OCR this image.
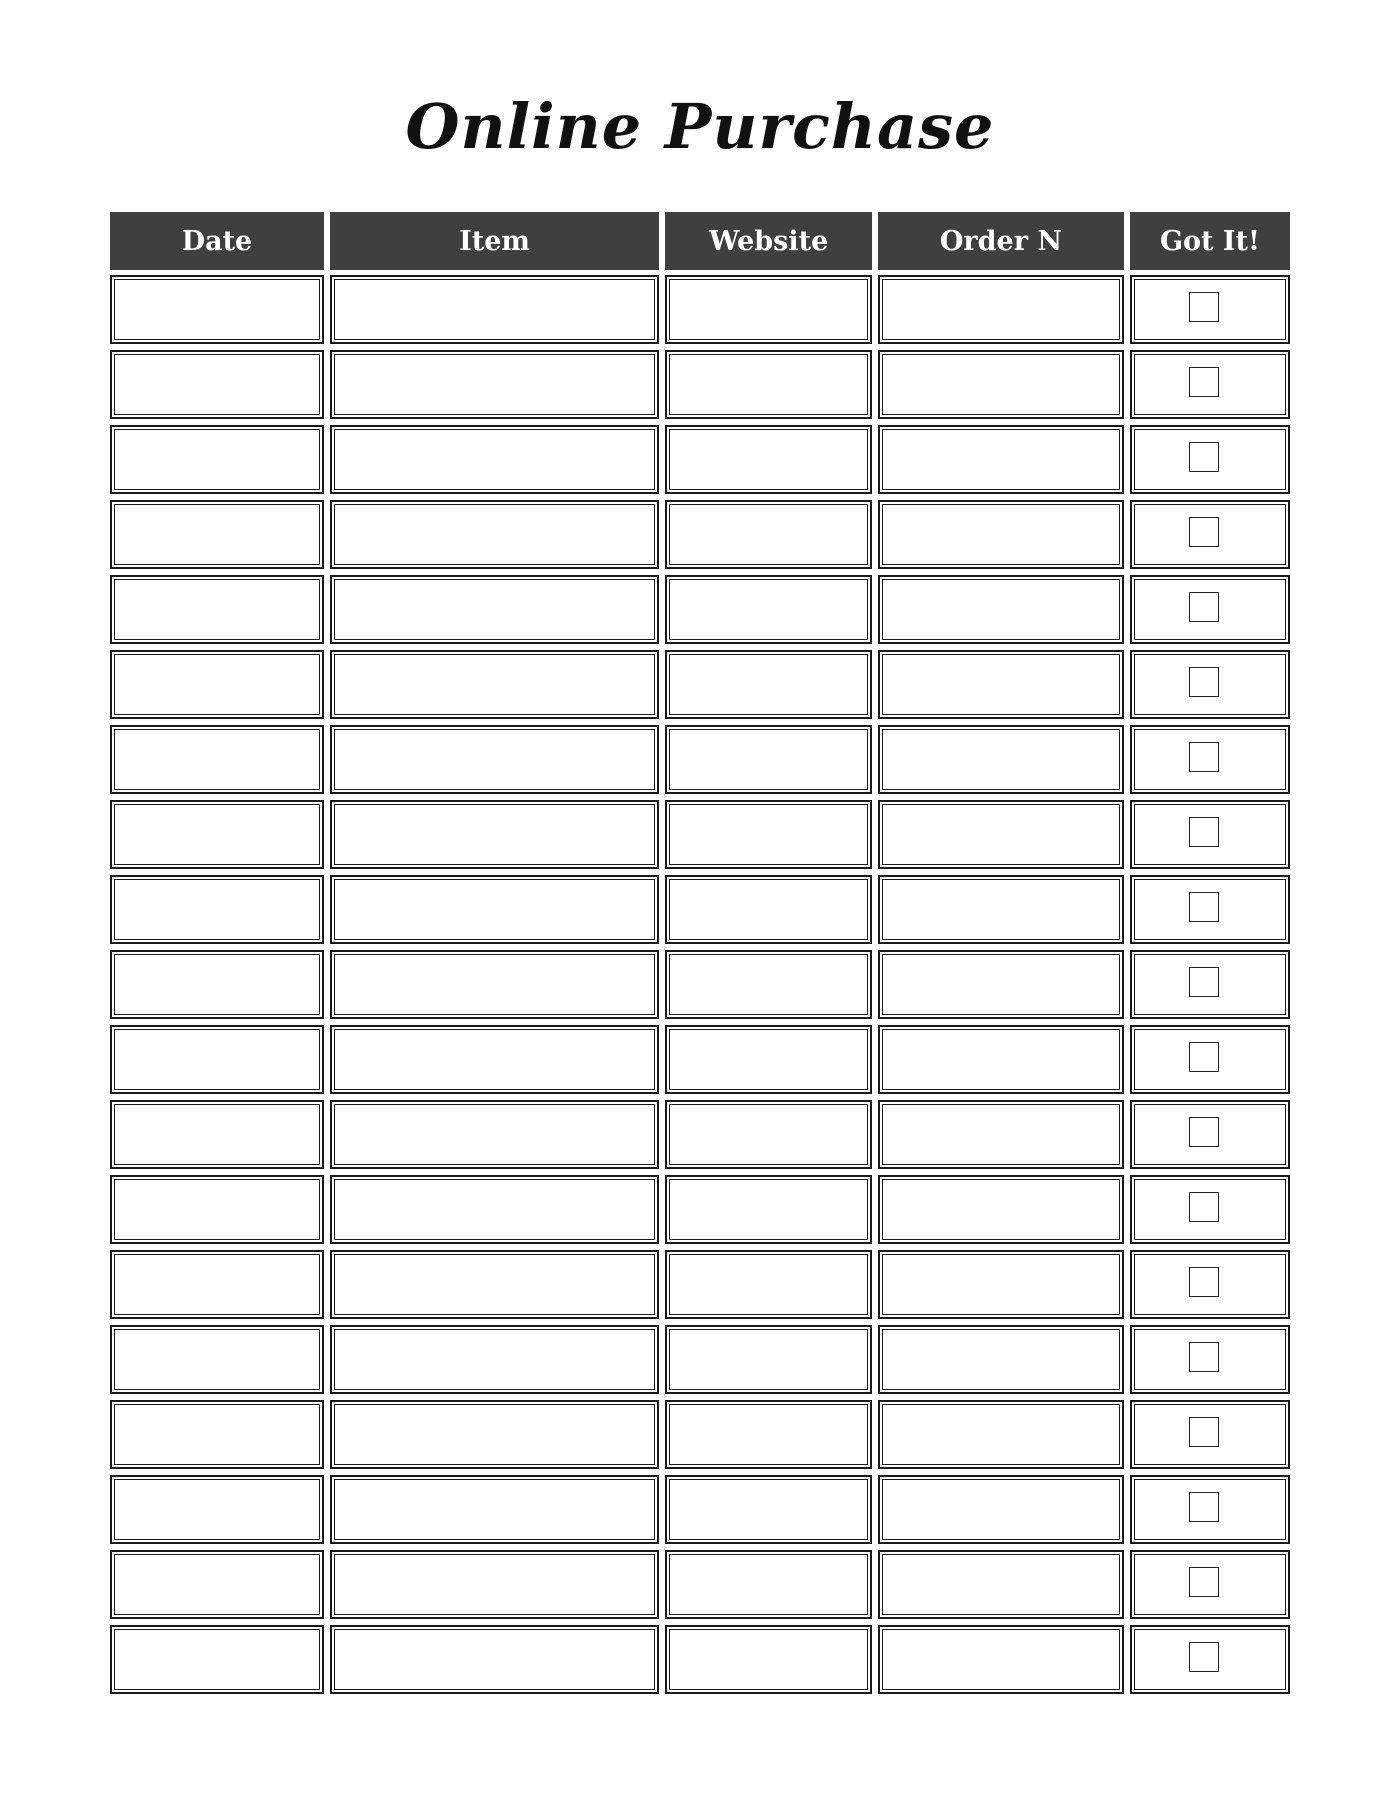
Online Purchase
Date	Item	Website	Order N	Got It!
